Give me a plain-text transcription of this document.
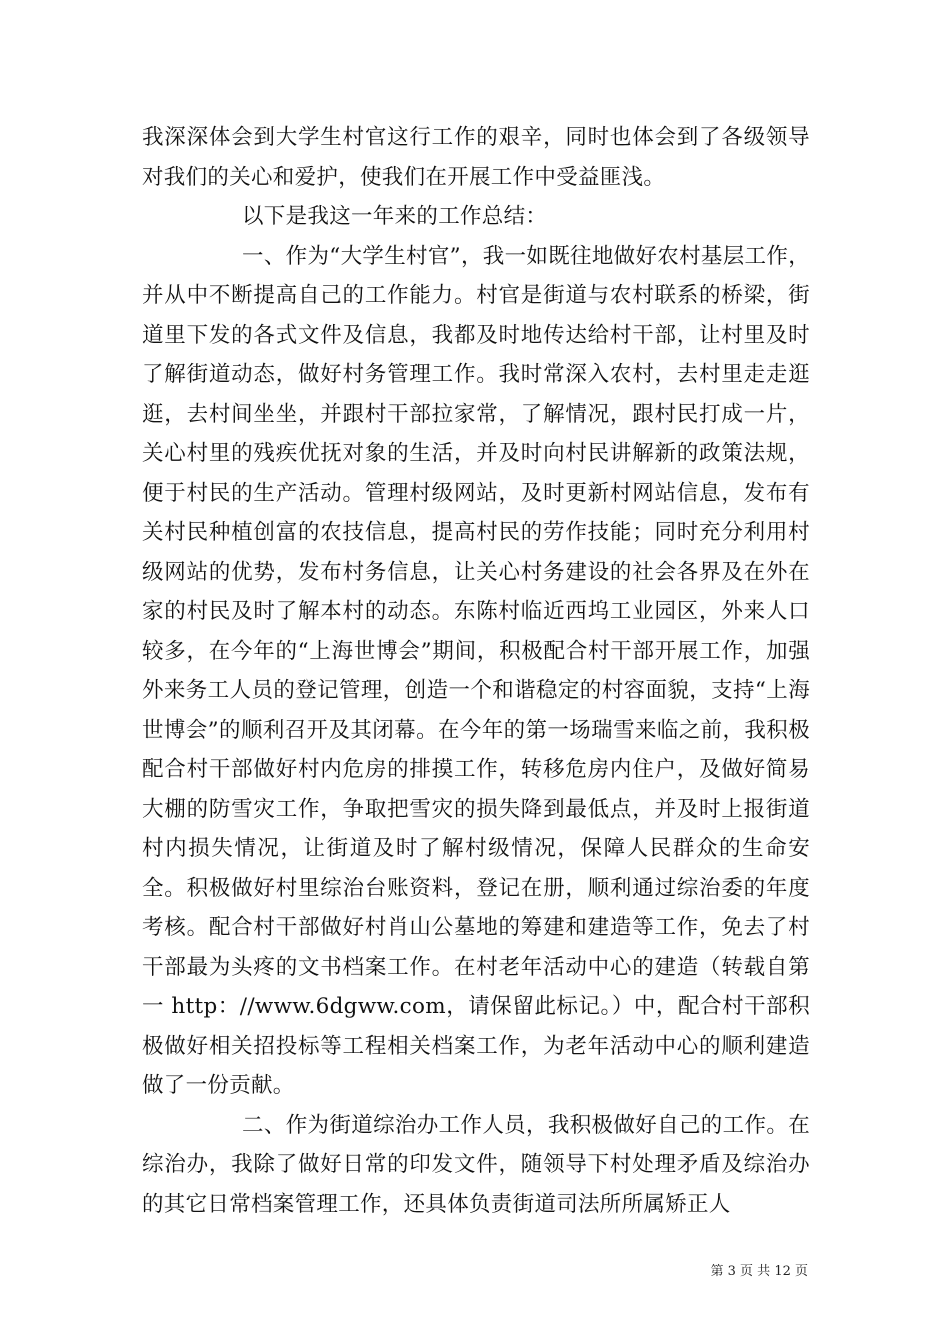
我深深体会到大学生村官这行工作的艰辛，同时也体会到了各级领导对我们的关心和爱护，使我们在开展工作中受益匪浅。

以下是我这一年来的工作总结：

一、作为“大学生村官”，我一如既往地做好农村基层工作，并从中不断提高自己的工作能力。村官是街道与农村联系的桥梁，街道里下发的各式文件及信息，我都及时地传达给村干部，让村里及时了解街道动态，做好村务管理工作。我时常深入农村，去村里走走逛逛，去村间坐坐，并跟村干部拉家常，了解情况，跟村民打成一片，关心村里的残疾优抚对象的生活，并及时向村民讲解新的政策法规，便于村民的生产活动。管理村级网站，及时更新村网站信息，发布有关村民种植创富的农技信息，提高村民的劳作技能；同时充分利用村级网站的优势，发布村务信息，让关心村务建设的社会各界及在外在家的村民及时了解本村的动态。东陈村临近西坞工业园区，外来人口较多，在今年的“上海世博会”期间，积极配合村干部开展工作，加强外来务工人员的登记管理，创造一个和谐稳定的村容面貌，支持“上海世博会”的顺利召开及其闭幕。在今年的第一场瑞雪来临之前，我积极配合村干部做好村内危房的排摸工作，转移危房内住户，及做好简易大棚的防雪灾工作，争取把雪灾的损失降到最低点，并及时上报街道村内损失情况，让街道及时了解村级情况，保障人民群众的生命安全。积极做好村里综治台账资料，登记在册，顺利通过综治委的年度考核。配合村干部做好村肖山公墓地的筹建和建造等工作，免去了村干部最为头疼的文书档案工作。在村老年活动中心的建造（转载自第一 http：//www.6dgww.com，请保留此标记。）中，配合村干部积极做好相关招投标等工程相关档案工作，为老年活动中心的顺利建造做了一份贡献。

二、作为街道综治办工作人员，我积极做好自己的工作。在综治办，我除了做好日常的印发文件，随领导下村处理矛盾及综治办的其它日常档案管理工作，还具体负责街道司法所所属矫正人

第 3 页 共 12 页
